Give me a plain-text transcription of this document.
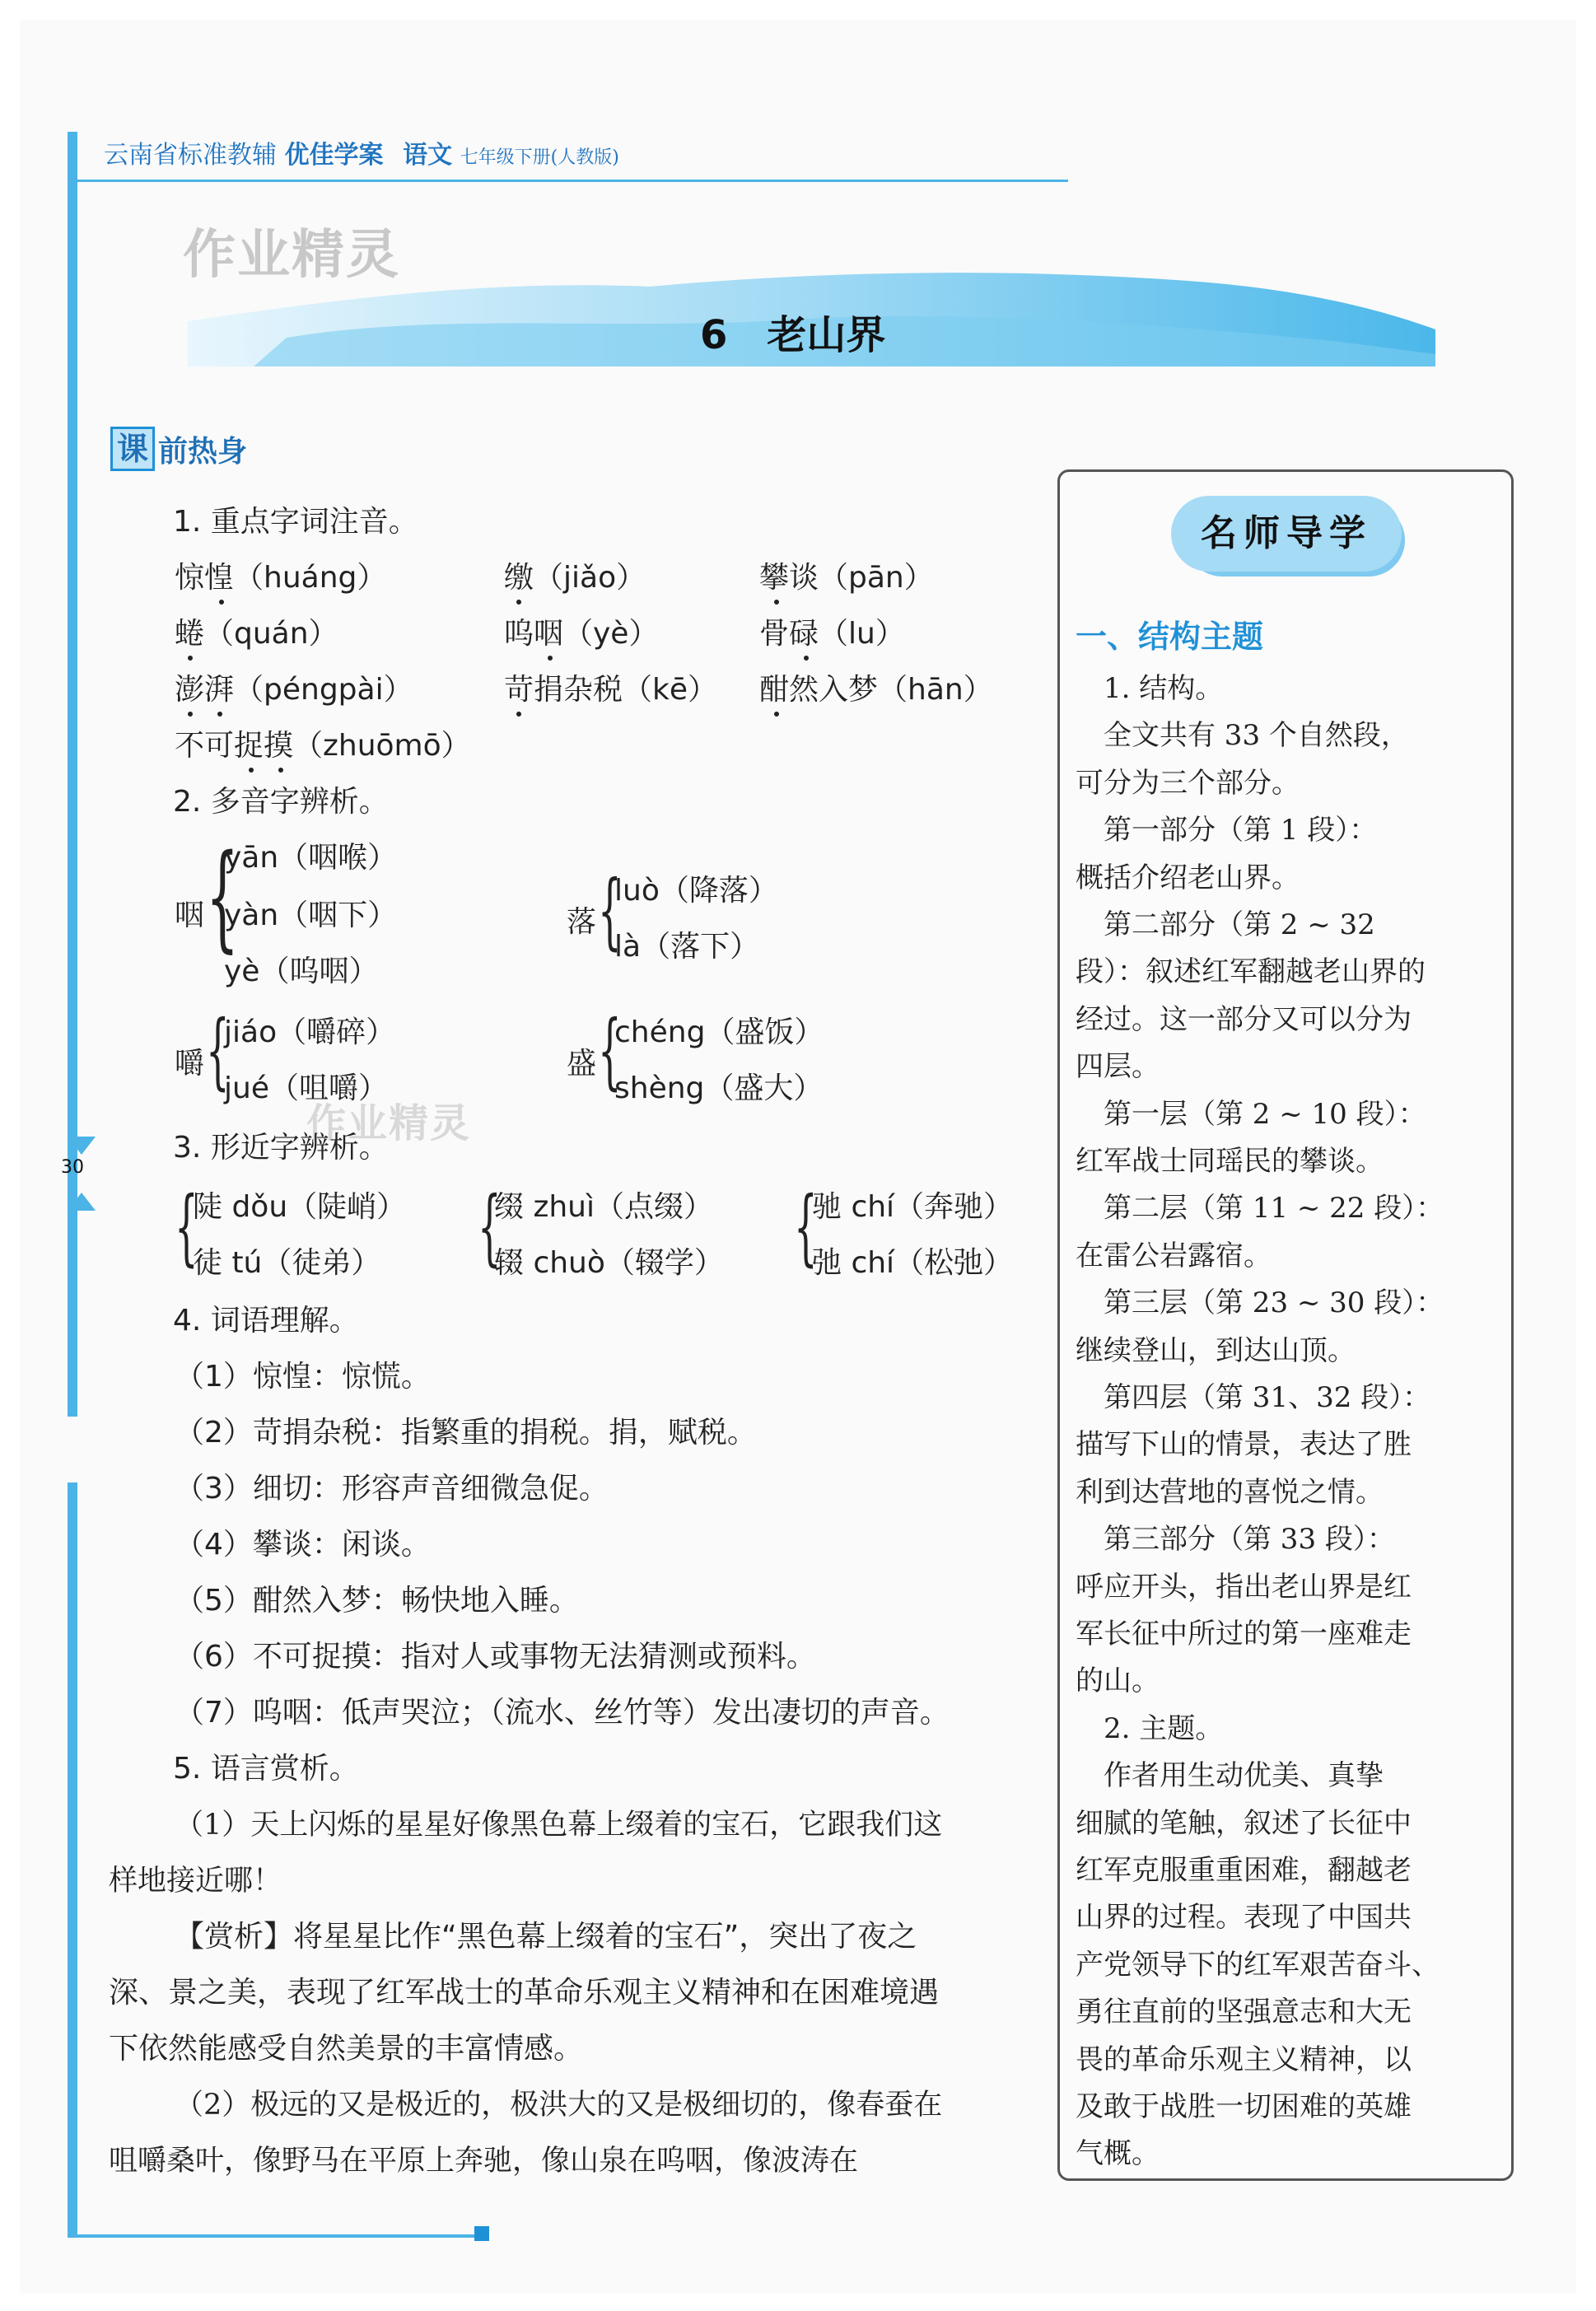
云南省标准教辅 优佳学案 语文 七年级下册(人教版)
30
作业精灵
6　老山界
课 前热身
1. 重点字词注音。
惊惶（huáng）	缴（jiǎo）	攀谈（pān）
蜷（quán）	呜咽（yè）	骨碌（lu）
澎湃（péngpài）	苛捐杂税（kē） 酣然入梦（hān）
不可捉摸（zhuōmō）
2. 多音字辨析。
咽 {
yān（咽喉）
yàn（咽下）
yè（呜咽）
落 {
luò（降落）
là（落下）
嚼 {
jiáo（嚼碎）
jué（咀嚼）
盛 {
chéng（盛饭）
shèng（盛大）
作业精灵
3. 形近字辨析。
{
陡 dǒu（陡峭）
徒 tú（徒弟） {
缀 zhuì（点缀）
辍 chuò（辍学） {
驰 chí（奔驰）
弛 chí（松弛）
4. 词语理解。
（1）惊惶：惊慌。
（2）苛捐杂税：指繁重的捐税。捐，赋税。
（3）细切：形容声音细微急促。
（4）攀谈：闲谈。
（5）酣然入梦：畅快地入睡。
（6）不可捉摸：指对人或事物无法猜测或预料。
（7）呜咽：低声哭泣；（流水、丝竹等）发出凄切的声音。
5. 语言赏析。
（1）天上闪烁的星星好像黑色幕上缀着的宝石，它跟我们这
样地接近哪！
【赏析】将星星比作“黑色幕上缀着的宝石”，突出了夜之
深、景之美，表现了红军战士的革命乐观主义精神和在困难境遇
下依然能感受自然美景的丰富情感。
（2）极远的又是极近的，极洪大的又是极细切的，像春蚕在
咀嚼桑叶，像野马在平原上奔驰，像山泉在呜咽，像波涛在
名师导学
一、结构主题
　1. 结构。
　全文共有 33 个自然段，
可分为三个部分。
　第一部分（第 1 段）：
概括介绍老山界。
　第二部分（第 2 ~ 32
段）：叙述红军翻越老山界的
经过。这一部分又可以分为
四层。
　第一层（第 2 ~ 10 段）：
红军战士同瑶民的攀谈。
　第二层（第 11 ~ 22 段）：
在雷公岩露宿。
　第三层（第 23 ~ 30 段）：
继续登山，到达山顶。
　第四层（第 31、32 段）：
描写下山的情景，表达了胜
利到达营地的喜悦之情。
　第三部分（第 33 段）：
呼应开头，指出老山界是红
军长征中所过的第一座难走
的山。
　2. 主题。
　作者用生动优美、真挚
细腻的笔触，叙述了长征中
红军克服重重困难，翻越老
山界的过程。表现了中国共
产党领导下的红军艰苦奋斗、
勇往直前的坚强意志和大无
畏的革命乐观主义精神，以
及敢于战胜一切困难的英雄
气概。
